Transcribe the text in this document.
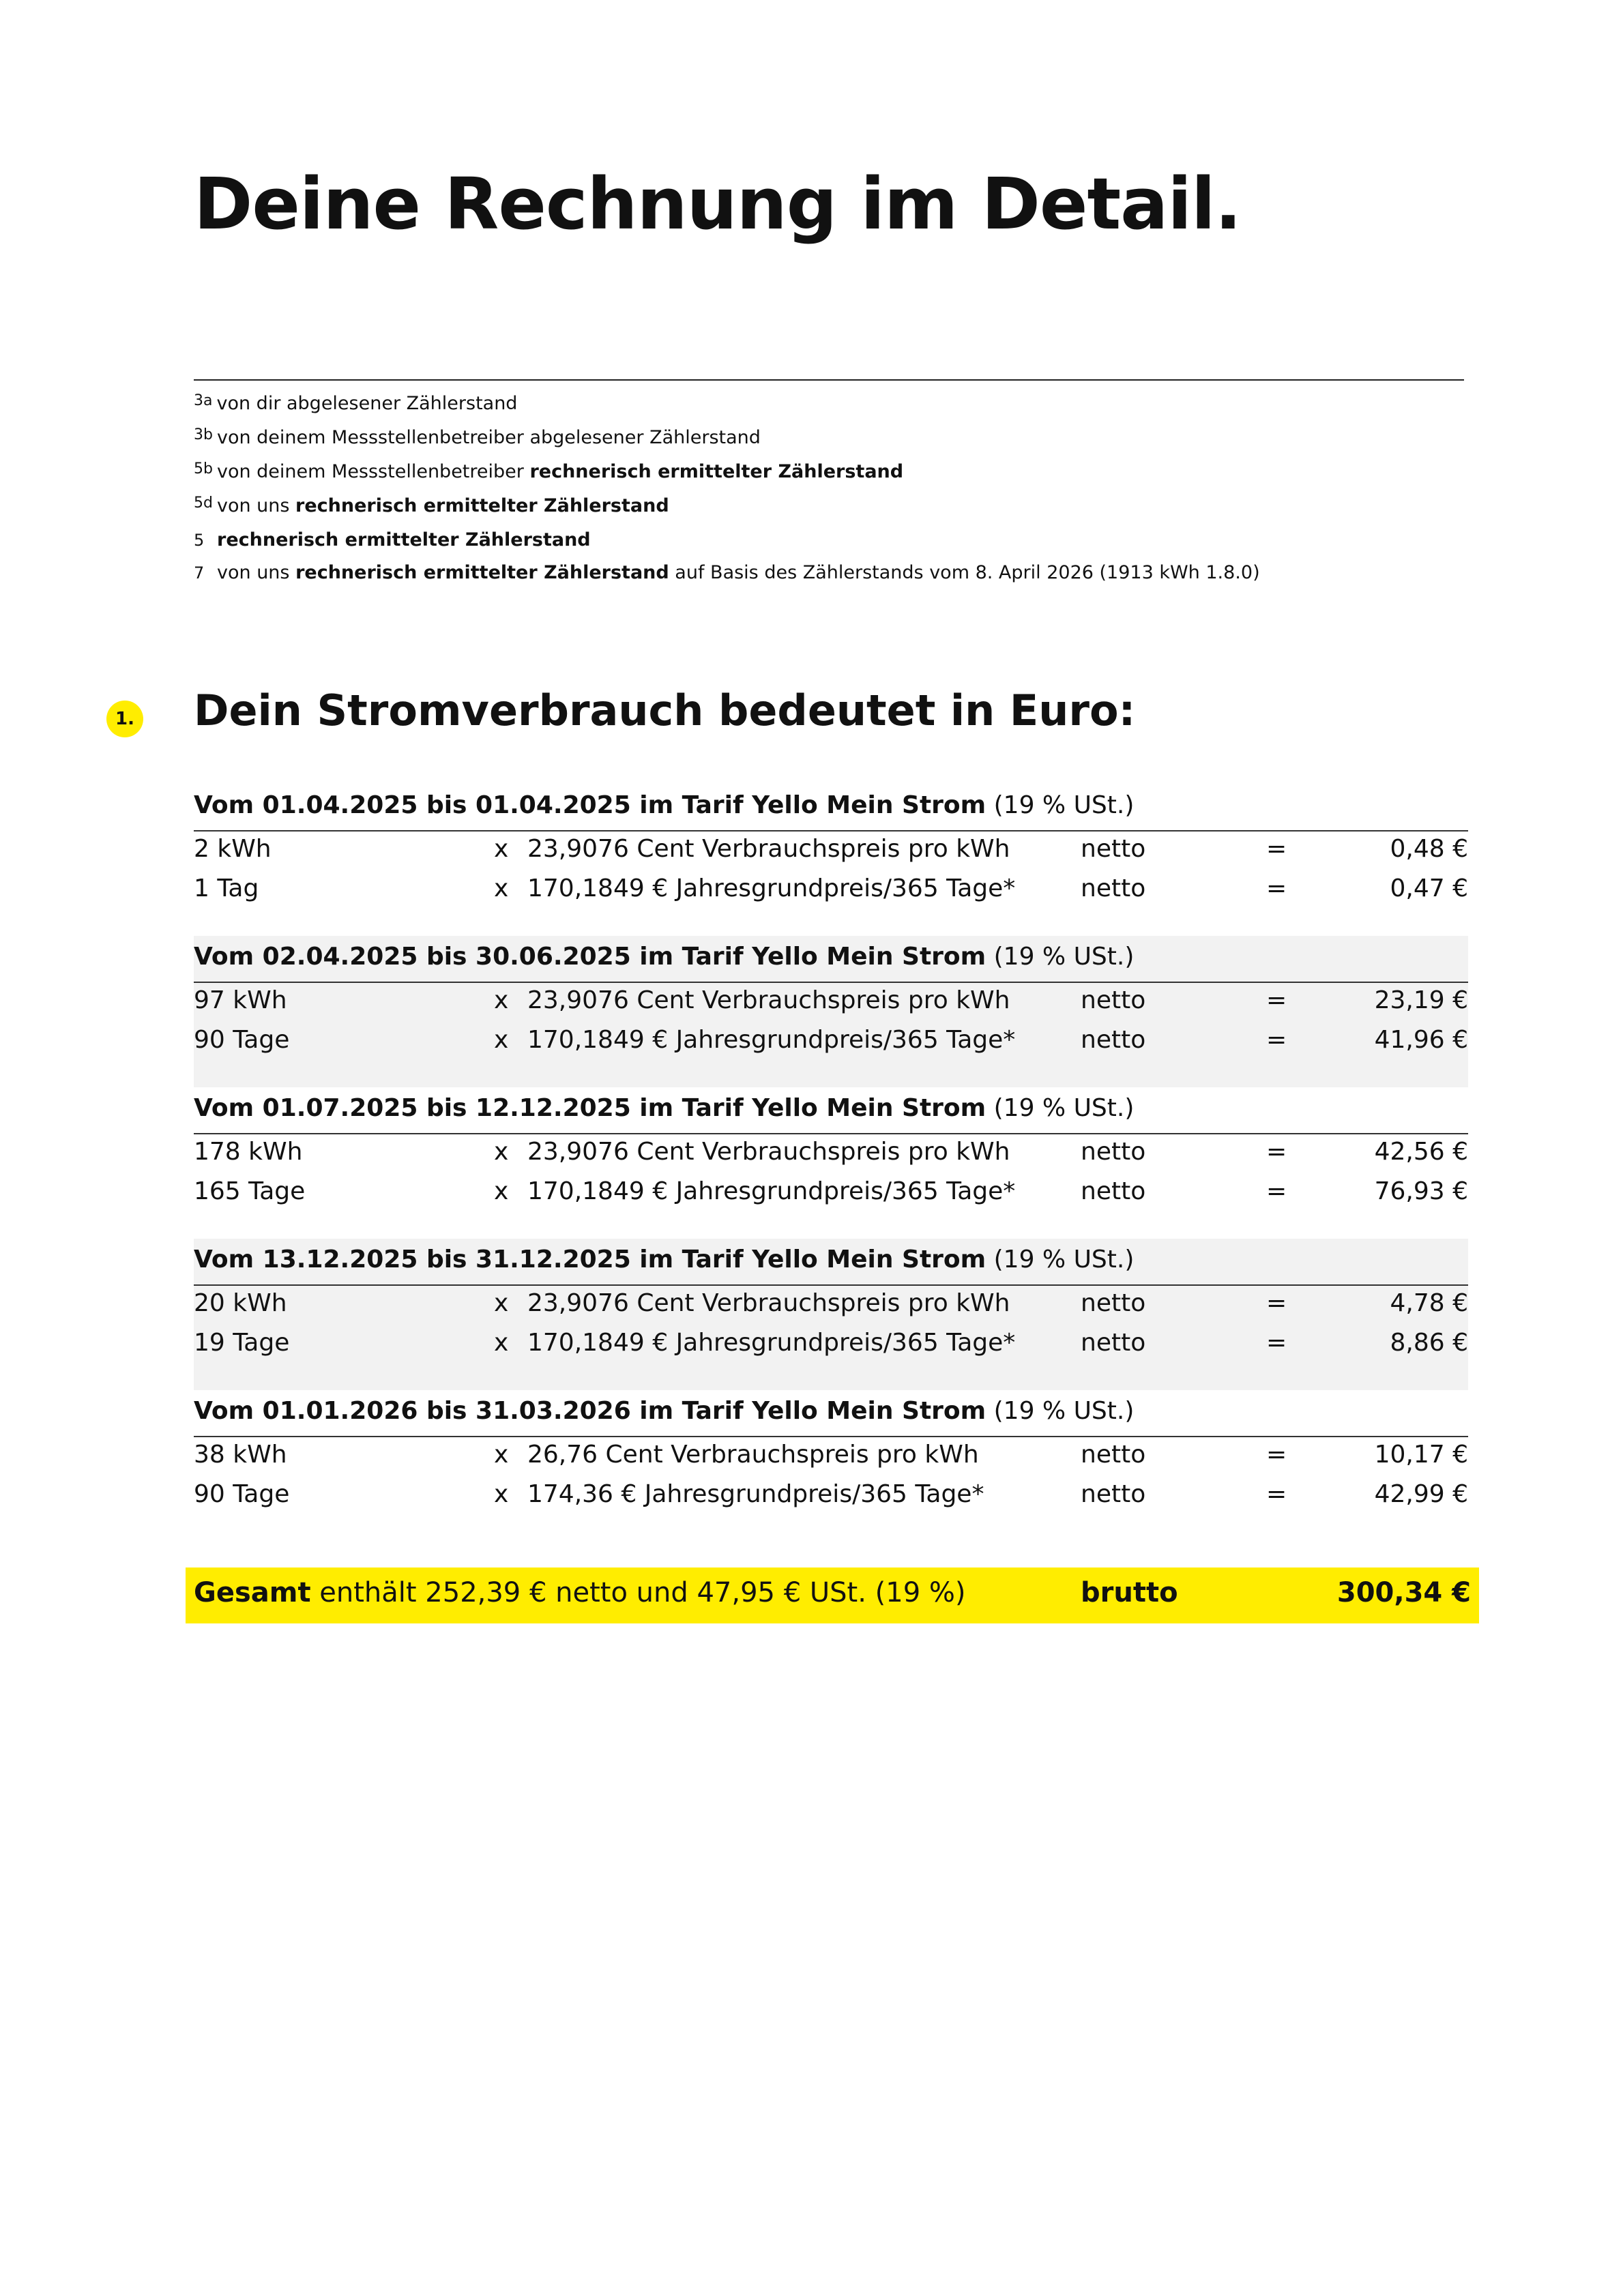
Deine Rechnung im Detail.
3a von dir abgelesener Zählerstand
3b von deinem Messstellenbetreiber abgelesener Zählerstand
5b von deinem Messstellenbetreiber rechnerisch ermittelter Zählerstand
5d von uns rechnerisch ermittelter Zählerstand
5 rechnerisch ermittelter Zählerstand
7 von uns rechnerisch ermittelter Zählerstand auf Basis des Zählerstands vom 8. April 2026 (1913 kWh 1.8.0)
1. Dein Stromverbrauch bedeutet in Euro:
Vom 01.04.2025 bis 01.04.2025 im Tarif Yello Mein Strom (19 % USt.)
2 kWh	x 23,9076 Cent Verbrauchspreis pro kWh	netto	=	0,48 €
1 Tag	x 170,1849 € Jahresgrundpreis/365 Tage*	netto	=	0,47 €
Vom 02.04.2025 bis 30.06.2025 im Tarif Yello Mein Strom (19 % USt.)
97 kWh	x 23,9076 Cent Verbrauchspreis pro kWh	netto	=	23,19 €
90 Tage	x 170,1849 € Jahresgrundpreis/365 Tage*	netto	=	41,96 €
Vom 01.07.2025 bis 12.12.2025 im Tarif Yello Mein Strom (19 % USt.)
178 kWh	x 23,9076 Cent Verbrauchspreis pro kWh	netto	=	42,56 €
165 Tage	x 170,1849 € Jahresgrundpreis/365 Tage*	netto	=	76,93 €
Vom 13.12.2025 bis 31.12.2025 im Tarif Yello Mein Strom (19 % USt.)
20 kWh	x 23,9076 Cent Verbrauchspreis pro kWh	netto	=	4,78 €
19 Tage	x 170,1849 € Jahresgrundpreis/365 Tage*	netto	=	8,86 €
Vom 01.01.2026 bis 31.03.2026 im Tarif Yello Mein Strom (19 % USt.)
38 kWh	x 26,76 Cent Verbrauchspreis pro kWh	netto	=	10,17 €
90 Tage	x 174,36 € Jahresgrundpreis/365 Tage*	netto	=	42,99 €
Gesamt enthält 252,39 € netto und 47,95 € USt. (19 %)	brutto	300,34 €
